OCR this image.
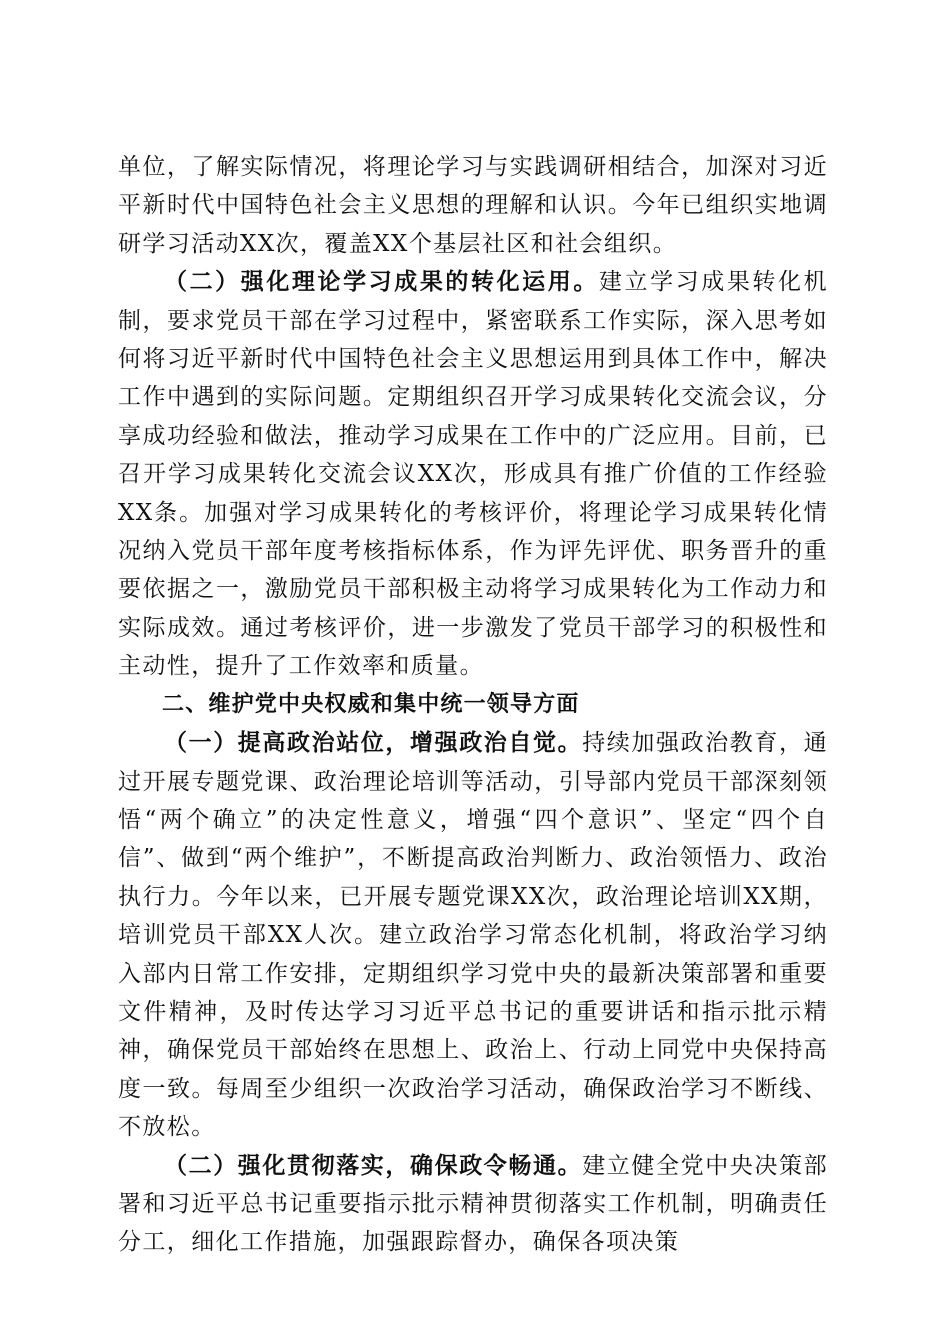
单位，了解实际情况，将理论学习与实践调研相结合，加深对习近平新时代中国特色社会主义思想的理解和认识。今年已组织实地调研学习活动XX次，覆盖XX个基层社区和社会组织。

（二）强化理论学习成果的转化运用。建立学习成果转化机制，要求党员干部在学习过程中，紧密联系工作实际，深入思考如何将习近平新时代中国特色社会主义思想运用到具体工作中，解决工作中遇到的实际问题。定期组织召开学习成果转化交流会议，分享成功经验和做法，推动学习成果在工作中的广泛应用。目前，已召开学习成果转化交流会议XX次，形成具有推广价值的工作经验XX条。加强对学习成果转化的考核评价，将理论学习成果转化情况纳入党员干部年度考核指标体系，作为评先评优、职务晋升的重要依据之一，激励党员干部积极主动将学习成果转化为工作动力和实际成效。通过考核评价，进一步激发了党员干部学习的积极性和主动性，提升了工作效率和质量。

二、维护党中央权威和集中统一领导方面

（一）提高政治站位，增强政治自觉。持续加强政治教育，通过开展专题党课、政治理论培训等活动，引导部内党员干部深刻领悟“两个确立”的决定性意义，增强“四个意识”、坚定“四个自信”、做到“两个维护”，不断提高政治判断力、政治领悟力、政治执行力。今年以来，已开展专题党课XX次，政治理论培训XX期，培训党员干部XX人次。建立政治学习常态化机制，将政治学习纳入部内日常工作安排，定期组织学习党中央的最新决策部署和重要文件精神，及时传达学习习近平总书记的重要讲话和指示批示精神，确保党员干部始终在思想上、政治上、行动上同党中央保持高度一致。每周至少组织一次政治学习活动，确保政治学习不断线、不放松。

（二）强化贯彻落实，确保政令畅通。建立健全党中央决策部署和习近平总书记重要指示批示精神贯彻落实工作机制，明确责任分工，细化工作措施，加强跟踪督办，确保各项决策
